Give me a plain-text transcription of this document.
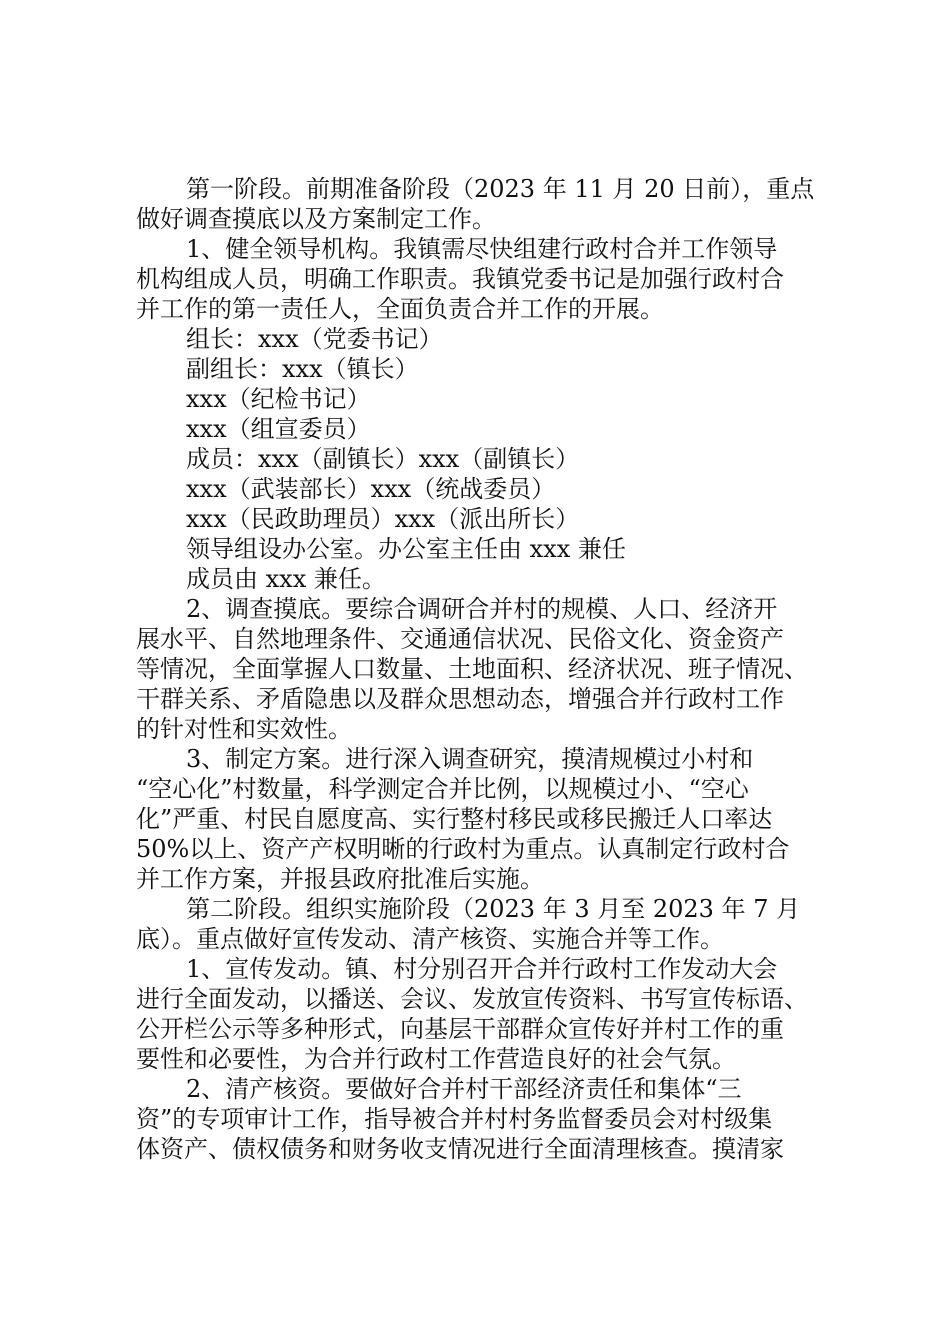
第一阶段。前期准备阶段（2023 年 11 月 20 日前），重点
做好调查摸底以及方案制定工作。
1、健全领导机构。我镇需尽快组建行政村合并工作领导
机构组成人员，明确工作职责。我镇党委书记是加强行政村合
并工作的第一责任人，全面负责合并工作的开展。
组长：xxx（党委书记）
副组长：xxx（镇长）
xxx（纪检书记）
xxx（组宣委员）
成员：xxx（副镇长）xxx（副镇长）
xxx（武装部长）xxx（统战委员）
xxx（民政助理员）xxx（派出所长）
领导组设办公室。办公室主任由 xxx 兼任
成员由 xxx 兼任。
2、调查摸底。要综合调研合并村的规模、人口、经济开
展水平、自然地理条件、交通通信状况、民俗文化、资金资产
等情况，全面掌握人口数量、土地面积、经济状况、班子情况、
干群关系、矛盾隐患以及群众思想动态，增强合并行政村工作
的针对性和实效性。
3、制定方案。进行深入调查研究，摸清规模过小村和
“空心化”村数量，科学测定合并比例，以规模过小、“空心
化”严重、村民自愿度高、实行整村移民或移民搬迁人口率达
50%以上、资产产权明晰的行政村为重点。认真制定行政村合
并工作方案，并报县政府批准后实施。
第二阶段。组织实施阶段（2023 年 3 月至 2023 年 7 月
底）。重点做好宣传发动、清产核资、实施合并等工作。
1、宣传发动。镇、村分别召开合并行政村工作发动大会
进行全面发动，以播送、会议、发放宣传资料、书写宣传标语、
公开栏公示等多种形式，向基层干部群众宣传好并村工作的重
要性和必要性，为合并行政村工作营造良好的社会气氛。
2、清产核资。要做好合并村干部经济责任和集体“三
资”的专项审计工作，指导被合并村村务监督委员会对村级集
体资产、债权债务和财务收支情况进行全面清理核查。摸清家
